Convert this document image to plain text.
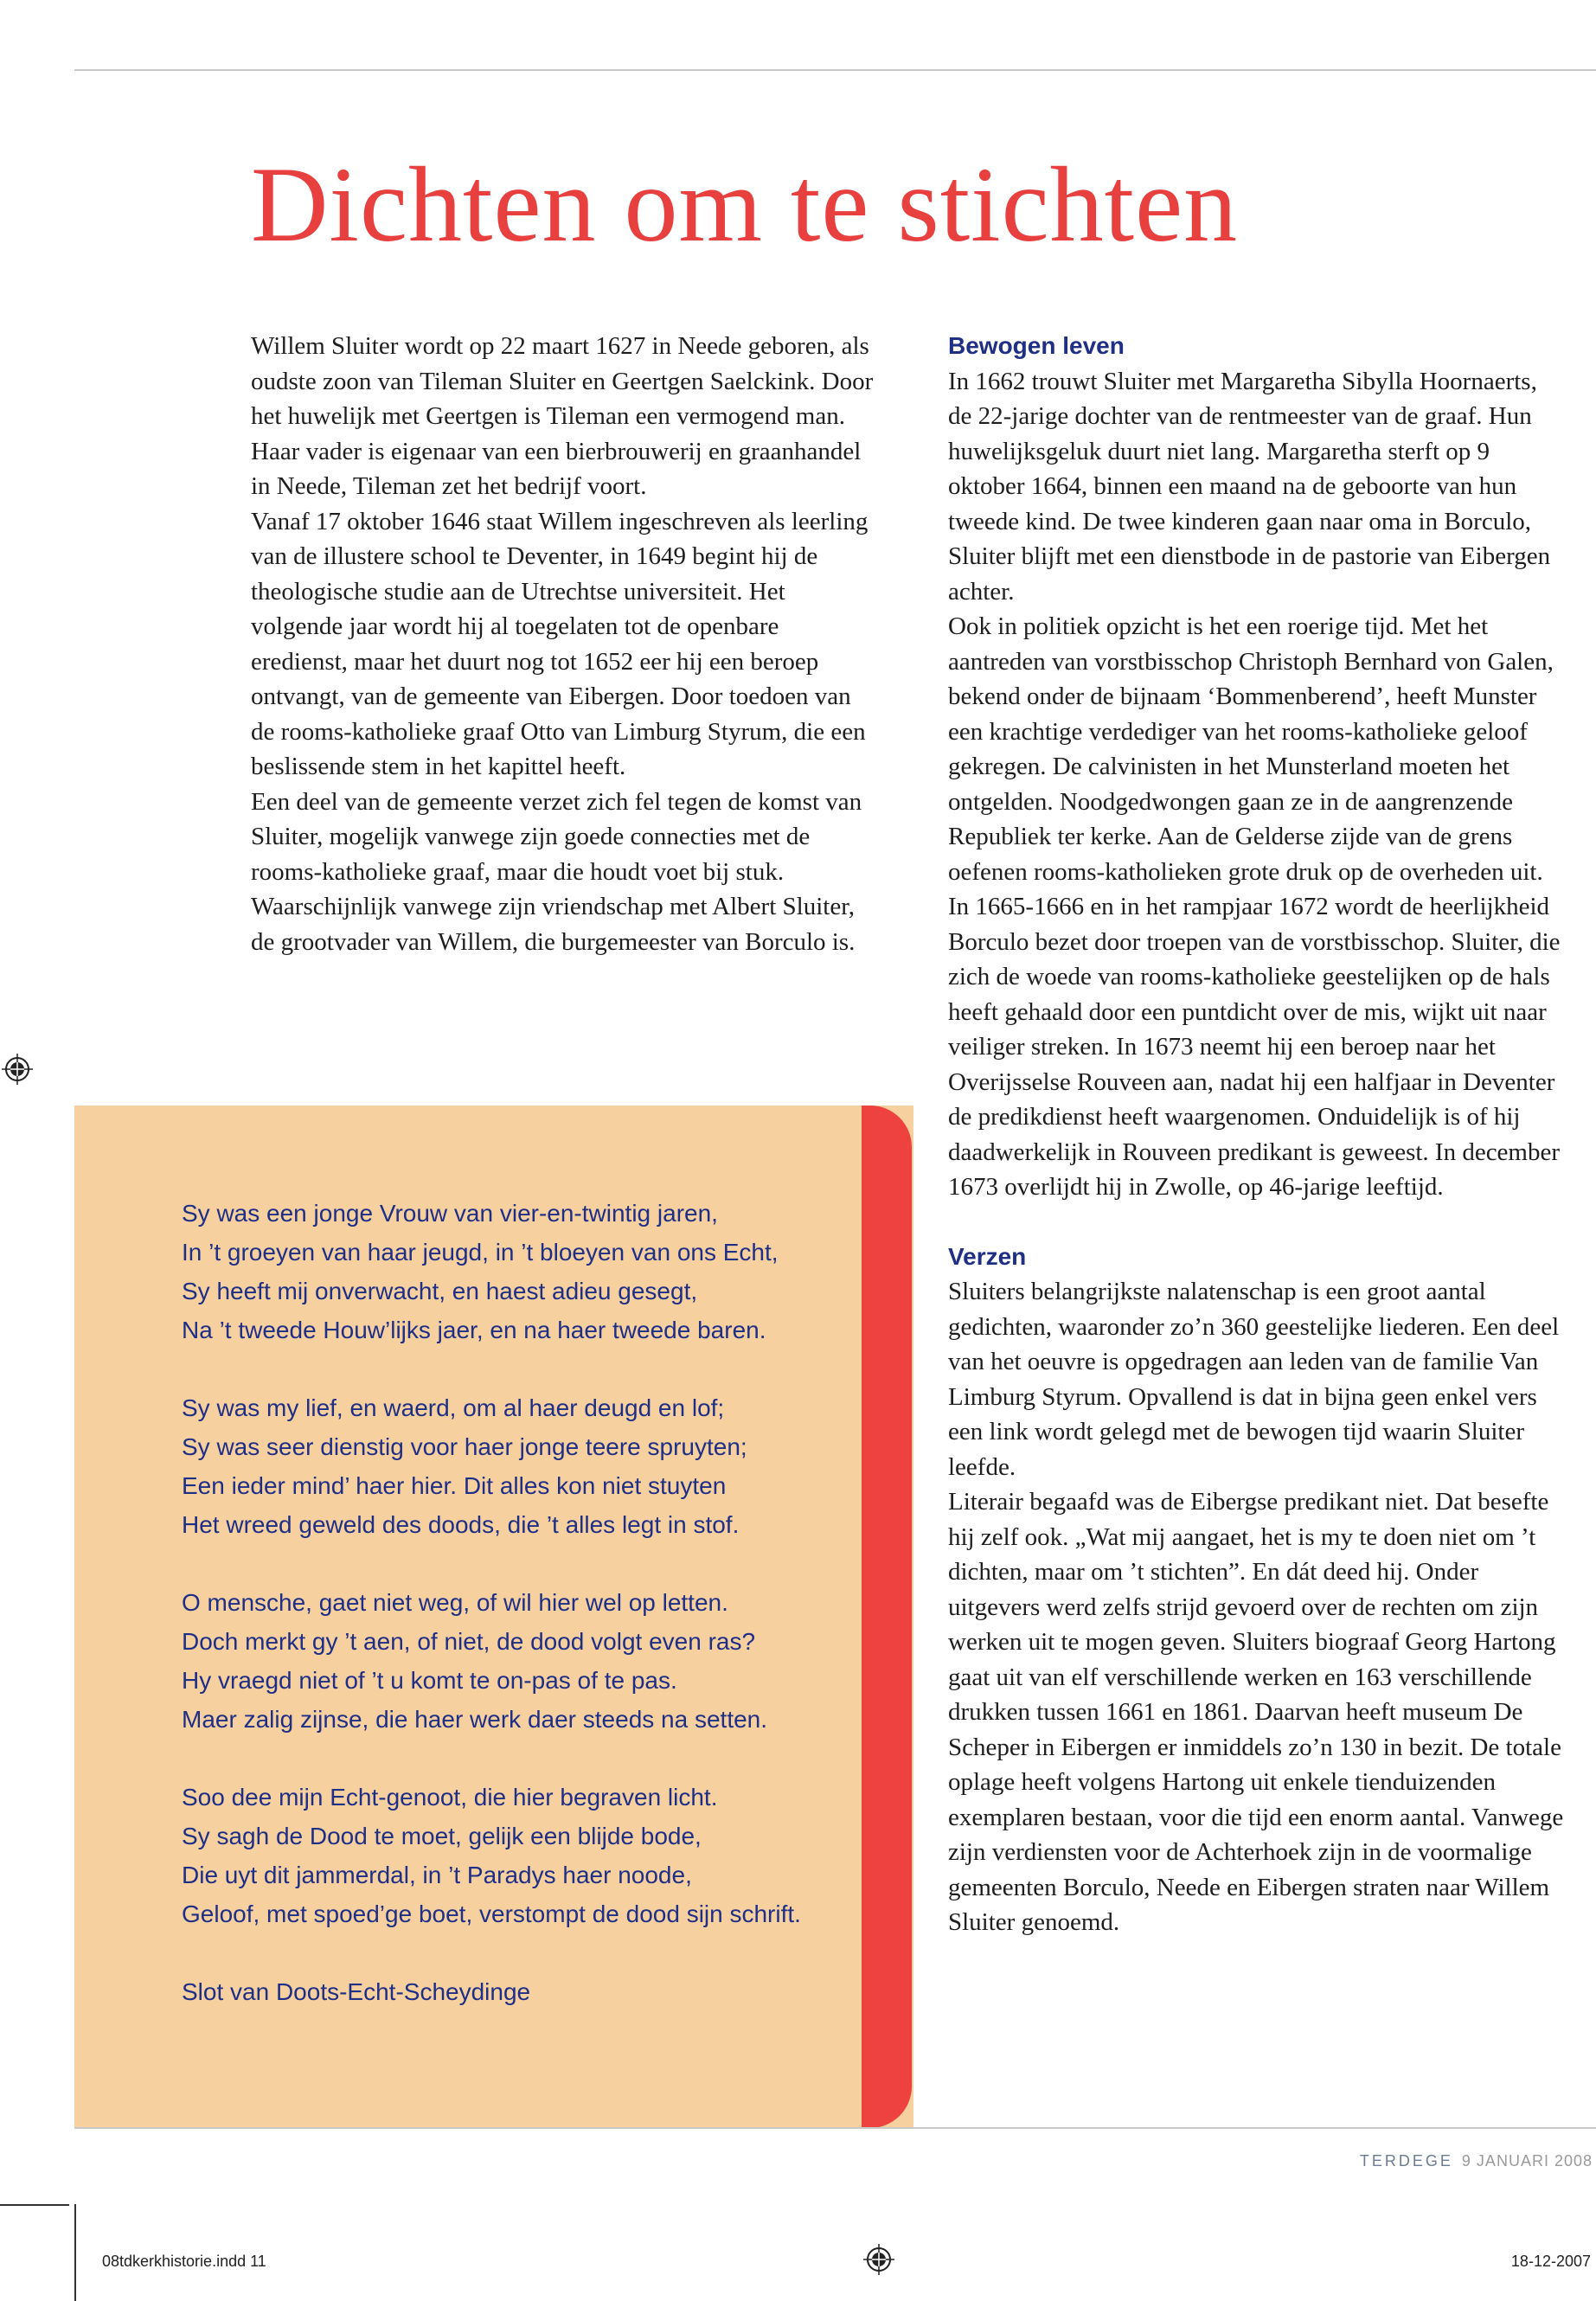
Dichten om te stichten

Willem Sluiter wordt op 22 maart 1627 in Neede geboren, als oudste zoon van Tileman Sluiter en Geertgen Saelckink. Door het huwelijk met Geertgen is Tileman een vermogend man. Haar vader is eigenaar van een bierbrouwerij en graanhandel in Neede, Tileman zet het bedrijf voort.

Vanaf 17 oktober 1646 staat Willem ingeschreven als leerling van de illustere school te Deventer, in 1649 begint hij de theologische studie aan de Utrechtse universiteit. Het volgende jaar wordt hij al toegelaten tot de openbare eredienst, maar het duurt nog tot 1652 eer hij een beroep ontvangt, van de gemeente van Eibergen. Door toedoen van de rooms-katholieke graaf Otto van Limburg Styrum, die een beslissende stem in het kapittel heeft.

Een deel van de gemeente verzet zich fel tegen de komst van Sluiter, mogelijk vanwege zijn goede connecties met de rooms-katholieke graaf, maar die houdt voet bij stuk. Waarschijnlijk vanwege zijn vriendschap met Albert Sluiter, de grootvader van Willem, die burgemeester van Borculo is.

Bewogen leven

In 1662 trouwt Sluiter met Margaretha Sibylla Hoornaerts, de 22-jarige dochter van de rentmeester van de graaf. Hun huwelijksgeluk duurt niet lang. Margaretha sterft op 9 oktober 1664, binnen een maand na de geboorte van hun tweede kind. De twee kinderen gaan naar oma in Borculo, Sluiter blijft met een dienstbode in de pastorie van Eibergen achter.

Ook in politiek opzicht is het een roerige tijd. Met het aantreden van vorstbisschop Christoph Bernhard von Galen, bekend onder de bijnaam ‘Bommenberend’, heeft Munster een krachtige verdediger van het rooms-katholieke geloof gekregen. De calvinisten in het Munsterland moeten het ontgelden. Noodgedwongen gaan ze in de aangrenzende Republiek ter kerke. Aan de Gelderse zijde van de grens oefenen rooms-katholieken grote druk op de overheden uit.

In 1665-1666 en in het rampjaar 1672 wordt de heerlijkheid Borculo bezet door troepen van de vorstbisschop. Sluiter, die zich de woede van rooms-katholieke geestelijken op de hals heeft gehaald door een puntdicht over de mis, wijkt uit naar veiliger streken. In 1673 neemt hij een beroep naar het Overijsselse Rouveen aan, nadat hij een halfjaar in Deventer de predikdienst heeft waargenomen. Onduidelijk is of hij daadwerkelijk in Rouveen predikant is geweest. In december 1673 overlijdt hij in Zwolle, op 46-jarige leeftijd.

Verzen

Sluiters belangrijkste nalatenschap is een groot aantal gedichten, waaronder zo’n 360 geestelijke liederen. Een deel van het oeuvre is opgedragen aan leden van de familie Van Limburg Styrum. Opvallend is dat in bijna geen enkel vers een link wordt gelegd met de bewogen tijd waarin Sluiter leefde.

Literair begaafd was de Eibergse predikant niet. Dat besefte hij zelf ook. „Wat mij aangaet, het is my te doen niet om ’t dichten, maar om ’t stichten”. En dát deed hij. Onder uitgevers werd zelfs strijd gevoerd over de rechten om zijn werken uit te mogen geven. Sluiters biograaf Georg Hartong gaat uit van elf verschillende werken en 163 verschillende drukken tussen 1661 en 1861. Daarvan heeft museum De Scheper in Eibergen er inmiddels zo’n 130 in bezit. De totale oplage heeft volgens Hartong uit enkele tienduizenden exemplaren bestaan, voor die tijd een enorm aantal. Vanwege zijn verdiensten voor de Achterhoek zijn in de voormalige gemeenten Borculo, Neede en Eibergen straten naar Willem Sluiter genoemd.

Sy was een jonge Vrouw van vier-en-twintig jaren,
In ’t groeyen van haar jeugd, in ’t bloeyen van ons Echt,
Sy heeft mij onverwacht, en haest adieu gesegt,
Na ’t tweede Houw’lijks jaer, en na haer tweede baren.
Sy was my lief, en waerd, om al haer deugd en lof;
Sy was seer dienstig voor haer jonge teere spruyten;
Een ieder mind’ haer hier. Dit alles kon niet stuyten
Het wreed geweld des doods, die ’t alles legt in stof.
O mensche, gaet niet weg, of wil hier wel op letten.
Doch merkt gy ’t aen, of niet, de dood volgt even ras?
Hy vraegd niet of ’t u komt te on-pas of te pas.
Maer zalig zijnse, die haer werk daer steeds na setten.
Soo dee mijn Echt-genoot, die hier begraven licht.
Sy sagh de Dood te moet, gelijk een blijde bode,
Die uyt dit jammerdal, in ’t Paradys haer noode,
Geloof, met spoed’ge boet, verstompt de dood sijn schrift.
Slot van Doots-Echt-Scheydinge
TERDEGE 9 JANUARI 2008
08tdkerkhistorie.indd 11	18-12-2007
